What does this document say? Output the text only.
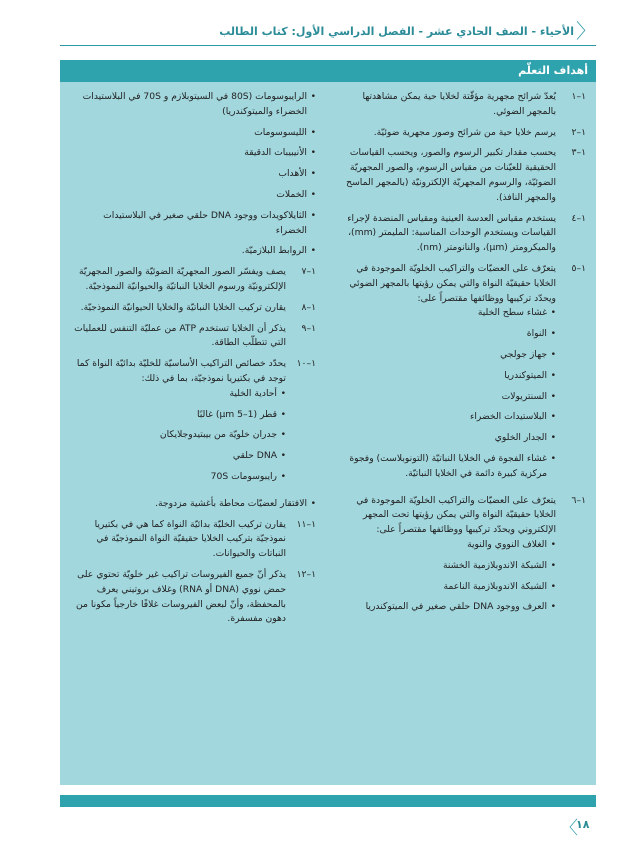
〈
الأحياء - الصف الحادي عشر - الفصل الدراسي الأول: كتاب الطالب
أهداف التعلّم
١–١
يُعدّ شرائح مجهرية مؤقّتة لخلايا حية يمكن مشاهدتها بالمجهر الضوئي.
١–٢
يرسم خلايا حية من شرائح وصور مجهرية ضوئيّة.
١–٣
يحسب مقدار تكبير الرسوم والصور، ويحسب القياسات الحقيقية للعيّنات من مقياس الرسوم، والصور المجهريّة الضوئيّة، والرسوم المجهريّة الإلكترونيّة (بالمجهر الماسح والمجهر النافذ).
١–٤
يستخدم مقياس العدسة العينية ومقياس المنضدة لإجراء القياسات ويستخدم الوحدات المناسبة: المليمتر (mm)، والميكرومتر (µm)، والنانومتر (nm).
١–٥
يتعرّف على العضيّات والتراكيب الخلويّة الموجودة في الخلايا حقيقيّة النواة والتي يمكن رؤيتها بالمجهر الضوئي ويحدّد تركيبها ووظائفها مقتصراً على:
• غشاء سطح الخلية
• النواة
• جهاز جولجي
• الميتوكندريا
• السنتريولات
• البلاستيدات الخضراء
• الجدار الخلوي
• غشاء الفجوة في الخلايا النباتيّة (التونوبلاست) وفجوة مركزية كبيرة دائمة في الخلايا النباتيّة.
١–٦
يتعرّف على العضيّات والتراكيب الخلويّة الموجودة في الخلايا حقيقيّة النواة والتي يمكن رؤيتها تحت المجهر الإلكتروني ويحدّد تركيبها ووظائفها مقتصراً على:
• الغلاف النووي والنوية
• الشبكة الاندوبلازمية الخشنة
• الشبكة الاندوبلازمية الناعمة
• العرف ووجود DNA حلقي صغير في الميتوكندريا
• الرايبوسومات (80S في السيتوبلازم و 70S في البلاستيدات الخضراء والميتوكندريا)
• الليسوسومات
• الأنيبيبات الدقيقة
• الأهداب
• الخملات
• الثايلاكويدات ووجود DNA حلقي صغير في البلاستيدات الخضراء
• الروابط البلازميّة.
١–٧
يصف ويفسّر الصور المجهريّة الضوئيّة والصور المجهريّة الإلكترونيّة ورسوم الخلايا النباتيّة والحيوانيّة النموذجيّة.
١–٨
يقارن تركيب الخلايا النباتيّة والخلايا الحيوانيّة النموذجيّة.
١–٩
يذكر أن الخلايا تستخدم ATP من عمليّة التنفس للعمليات التي تتطلّب الطاقة.
١–١٠
يحدّد خصائص التراكيب الأساسيّة للخليّة بدائيّة النواة كما توجد في بكتيريا نموذجيّة، بما في ذلك:
• أحادية الخلية
• قطر (1–5 µm) غالبًا
• جدران خلويّة من بيبتيدوجلايكان
• DNA حلقي
• رايبوسومات 70S
• الافتقار لعضيّات محاطة بأغشية مزدوجة.
١–١١
يقارن تركيب الخليّة بدائيّة النواة كما هي في بكتيريا نموذجيّة بتركيب الخلايا حقيقيّة النواة النموذجيّة في النباتات والحيوانات.
١–١٢
يذكر أنّ جميع الفيروسات تراكيب غير خلويّة تحتوي على حمض نووي (DNA أو RNA) وغلاف بروتيني يعرف بالمحفظة، وأنّ لبعض الفيروسات غلافًا خارجياً مكونا من دهون مفسفرة.
〈
١٨
